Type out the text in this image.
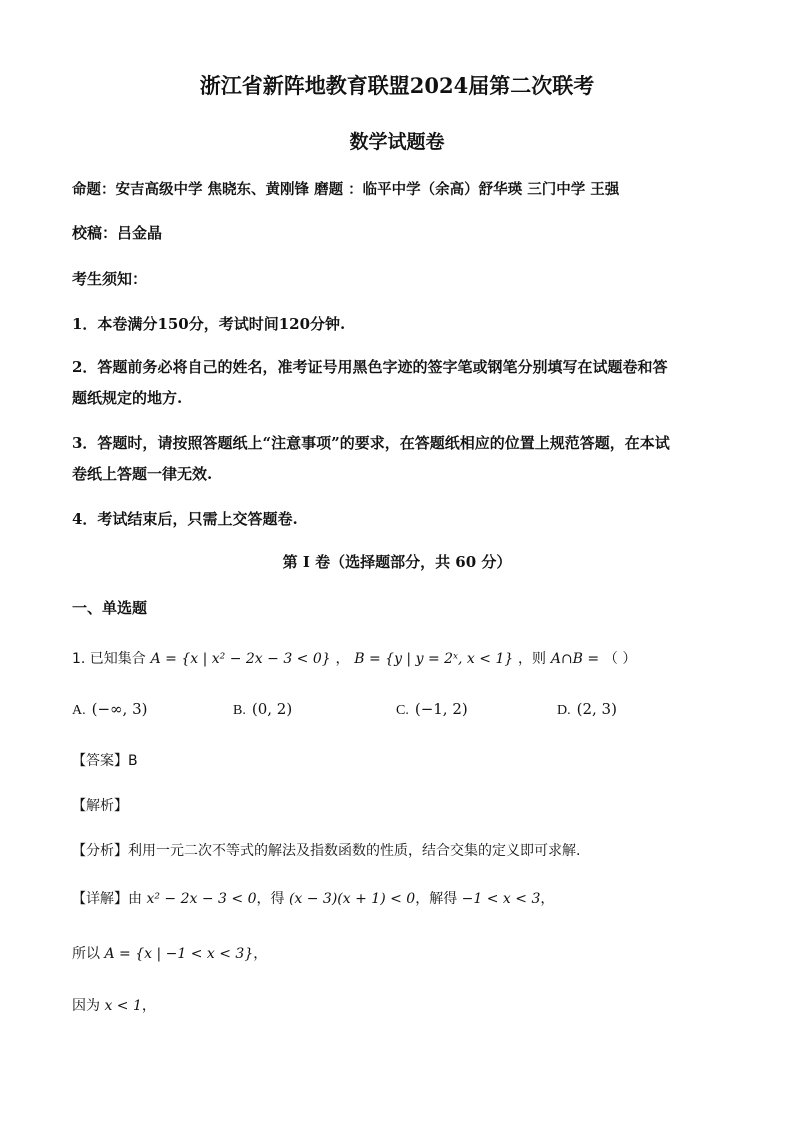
浙江省新阵地教育联盟2024届第二次联考
数学试题卷
命题：安吉高级中学 焦晓东、黄刚锋 磨题 ：临平中学（余高）舒华瑛 三门中学 王强
校稿：吕金晶
考生须知：
1．本卷满分150分，考试时间120分钟.
2．答题前务必将自己的姓名，准考证号用黑色字迹的签字笔或钢笔分别填写在试题卷和答
题纸规定的地方.
3．答题时，请按照答题纸上“注意事项”的要求，在答题纸相应的位置上规范答题，在本试
卷纸上答题一律无效.
4．考试结束后，只需上交答题卷.
第 I 卷（选择题部分，共 60 分）
一、单选题
1. 已知集合 A = {x | x² − 2x − 3 < 0} ， B = {y | y = 2ˣ, x < 1} ，则 A∩B = （ ）
A. (−∞, 3)	B. (0, 2)	C. (−1, 2)	D. (2, 3)
【答案】B
【解析】
【分析】利用一元二次不等式的解法及指数函数的性质，结合交集的定义即可求解.
【详解】由 x² − 2x − 3 < 0，得 (x − 3)(x + 1) < 0，解得 −1 < x < 3，
所以 A = {x | −1 < x < 3}，
因为 x < 1，
